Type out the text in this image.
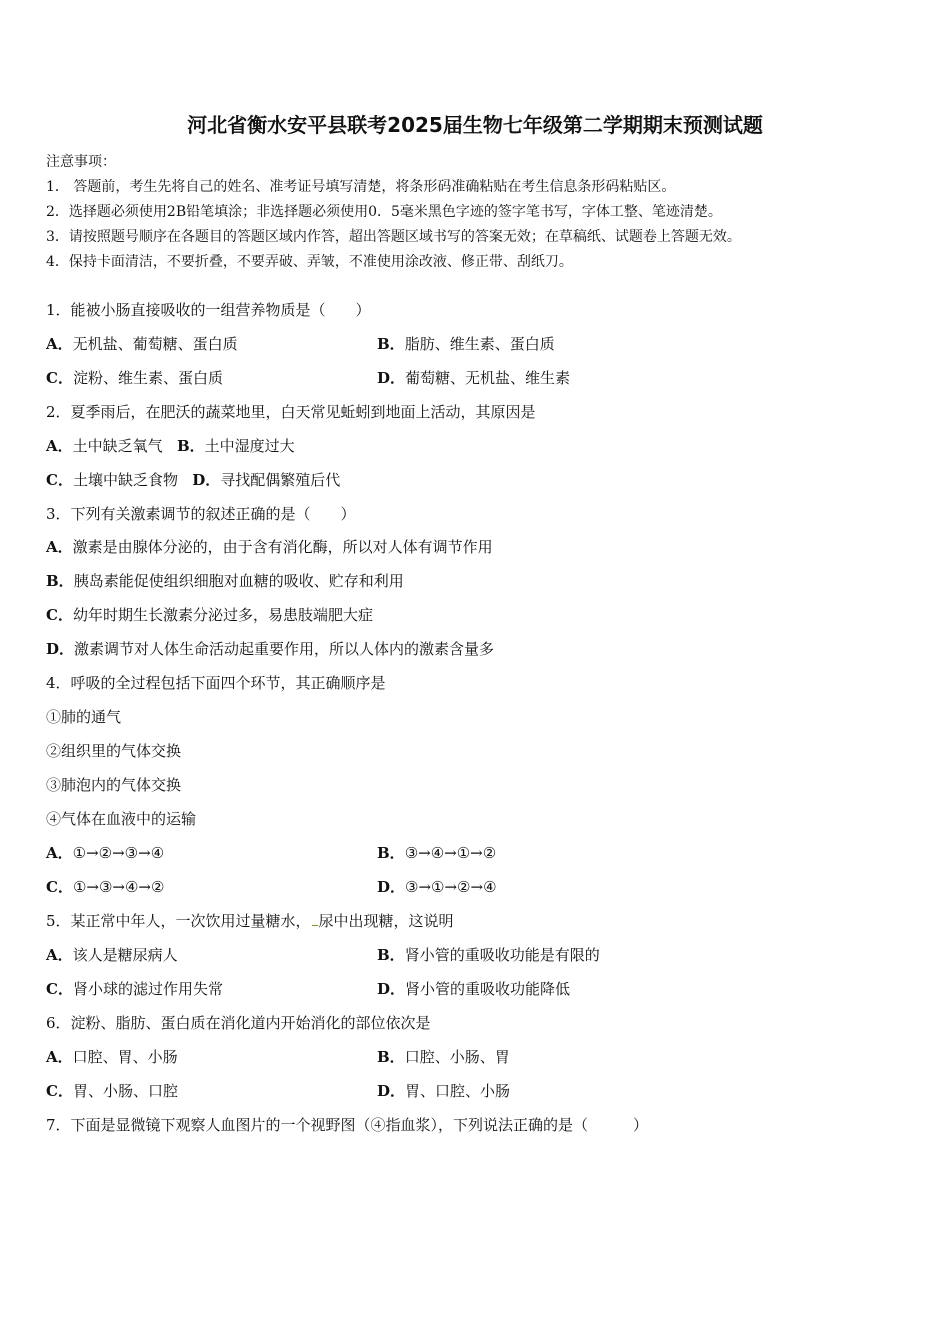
河北省衡水安平县联考2025届生物七年级第二学期期末预测试题
注意事项：
1． 答题前，考生先将自己的姓名、准考证号填写清楚，将条形码准确粘贴在考生信息条形码粘贴区。
2．选择题必须使用2B铅笔填涂；非选择题必须使用0．5毫米黑色字迹的签字笔书写，字体工整、笔迹清楚。
3．请按照题号顺序在各题目的答题区域内作答，超出答题区域书写的答案无效；在草稿纸、试题卷上答题无效。
4．保持卡面清洁，不要折叠，不要弄破、弄皱，不准使用涂改液、修正带、刮纸刀。
1．能被小肠直接吸收的一组营养物质是（　　）
A．无机盐、葡萄糖、蛋白质	B．脂肪、维生素、蛋白质
C．淀粉、维生素、蛋白质	D．葡萄糖、无机盐、维生素
2．夏季雨后，在肥沃的蔬菜地里，白天常见蚯蚓到地面上活动，其原因是
A．土中缺乏氧气 B．土中湿度过大
C．土壤中缺乏食物 D．寻找配偶繁殖后代
3．下列有关激素调节的叙述正确的是（　　）
A．激素是由腺体分泌的，由于含有消化酶，所以对人体有调节作用
B．胰岛素能促使组织细胞对血糖的吸收、贮存和利用
C．幼年时期生长激素分泌过多，易患肢端肥大症
D．激素调节对人体生命活动起重要作用，所以人体内的激素含量多
4．呼吸的全过程包括下面四个环节，其正确顺序是
①肺的通气
②组织里的气体交换
③肺泡内的气体交换
④气体在血液中的运输
A．①→②→③→④	B．③→④→①→②
C．①→③→④→②	D．③→①→②→④
5．某正常中年人，一次饮用过量糖水， 尿中出现糖，这说明
A．该人是糖尿病人	B．肾小管的重吸收功能是有限的
C．肾小球的滤过作用失常	D．肾小管的重吸收功能降低
6．淀粉、脂肪、蛋白质在消化道内开始消化的部位依次是
A．口腔、胃、小肠	B．口腔、小肠、胃
C．胃、小肠、口腔	D．胃、口腔、小肠
7．下面是显微镜下观察人血图片的一个视野图（④指血浆），下列说法正确的是（　　　）
